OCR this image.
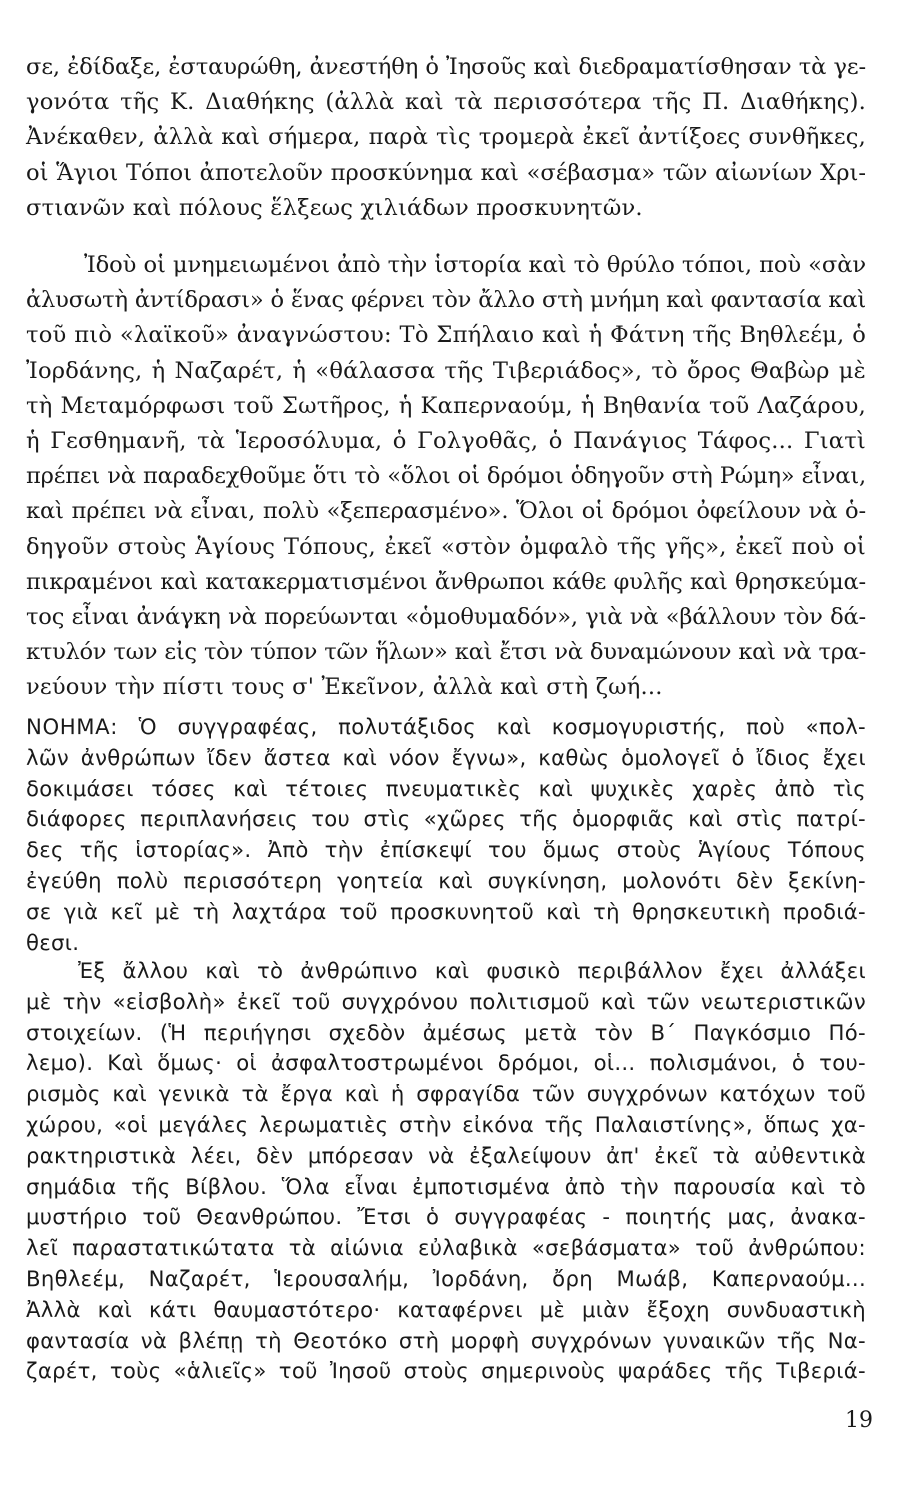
σε, ἐδίδαξε, ἐσταυρώθη, ἀνεστήθη ὁ Ἰησοῦς καὶ διεδραματίσθησαν τὰ γε-
γονότα τῆς Κ. Διαθήκης (ἀλλὰ καὶ τὰ περισσότερα τῆς Π. Διαθήκης).
Ἀνέκαθεν, ἀλλὰ καὶ σήμερα, παρὰ τὶς τρομερὰ ἐκεῖ ἀντίξοες συνθῆκες,
οἱ Ἅγιοι Τόποι ἀποτελοῦν προσκύνημα καὶ «σέβασμα» τῶν αἰωνίων Χρι-
στιανῶν καὶ πόλους ἕλξεως χιλιάδων προσκυνητῶν.
Ἰδοὺ οἱ μνημειωμένοι ἀπὸ τὴν ἱστορία καὶ τὸ θρύλο τόποι, ποὺ «σὰν
ἀλυσωτὴ ἀντίδρασι» ὁ ἕνας φέρνει τὸν ἄλλο στὴ μνήμη καὶ φαντασία καὶ
τοῦ πιὸ «λαϊκοῦ» ἀναγνώστου: Τὸ Σπήλαιο καὶ ἡ Φάτνη τῆς Βηθλεέμ, ὁ
Ἰορδάνης, ἡ Ναζαρέτ, ἡ «θάλασσα τῆς Τιβεριάδος», τὸ ὄρος Θαβὼρ μὲ
τὴ Μεταμόρφωσι τοῦ Σωτῆρος, ἡ Καπερναούμ, ἡ Βηθανία τοῦ Λαζάρου,
ἡ Γεσθημανῆ, τὰ Ἱεροσόλυμα, ὁ Γολγοθᾶς, ὁ Πανάγιος Τάφος... Γιατὶ
πρέπει νὰ παραδεχθοῦμε ὅτι τὸ «ὅλοι οἱ δρόμοι ὁδηγοῦν στὴ Ρώμη» εἶναι,
καὶ πρέπει νὰ εἶναι, πολὺ «ξεπερασμένο». Ὅλοι οἱ δρόμοι ὀφείλουν νὰ ὁ-
δηγοῦν στοὺς Ἁγίους Τόπους, ἐκεῖ «στὸν ὀμφαλὸ τῆς γῆς», ἐκεῖ ποὺ οἱ
πικραμένοι καὶ κατακερματισμένοι ἄνθρωποι κάθε φυλῆς καὶ θρησκεύμα-
τος εἶναι ἀνάγκη νὰ πορεύωνται «ὁμοθυμαδόν», γιὰ νὰ «βάλλουν τὸν δά-
κτυλόν των εἰς τὸν τύπον τῶν ἥλων» καὶ ἔτσι νὰ δυναμώνουν καὶ νὰ τρα-
νεύουν τὴν πίστι τους σ' Ἐκεῖνον, ἀλλὰ καὶ στὴ ζωή...
ΝΟΗΜΑ: Ὁ συγγραφέας, πολυτάξιδος καὶ κοσμογυριστής, ποὺ «πολ-
λῶν ἀνθρώπων ἴδεν ἄστεα καὶ νόον ἔγνω», καθὼς ὁμολογεῖ ὁ ἴδιος ἔχει
δοκιμάσει τόσες καὶ τέτοιες πνευματικὲς καὶ ψυχικὲς χαρὲς ἀπὸ τὶς
διάφορες περιπλανήσεις του στὶς «χῶρες τῆς ὁμορφιᾶς καὶ στὶς πατρί-
δες τῆς ἱστορίας». Ἀπὸ τὴν ἐπίσκεψί του ὅμως στοὺς Ἁγίους Τόπους
ἐγεύθη πολὺ περισσότερη γοητεία καὶ συγκίνηση, μολονότι δὲν ξεκίνη-
σε γιὰ κεῖ μὲ τὴ λαχτάρα τοῦ προσκυνητοῦ καὶ τὴ θρησκευτικὴ προδιά-
θεσι.
Ἐξ ἄλλου καὶ τὸ ἀνθρώπινο καὶ φυσικὸ περιβάλλον ἔχει ἀλλάξει
μὲ τὴν «εἰσβολὴ» ἐκεῖ τοῦ συγχρόνου πολιτισμοῦ καὶ τῶν νεωτεριστικῶν
στοιχείων. (Ἡ περιήγησι σχεδὸν ἀμέσως μετὰ τὸν Β΄ Παγκόσμιο Πό-
λεμο). Καὶ ὅμως· οἱ ἀσφαλτοστρωμένοι δρόμοι, οἱ... πολισμάνοι, ὁ του-
ρισμὸς καὶ γενικὰ τὰ ἔργα καὶ ἡ σφραγίδα τῶν συγχρόνων κατόχων τοῦ
χώρου, «οἱ μεγάλες λερωματιὲς στὴν εἰκόνα τῆς Παλαιστίνης», ὅπως χα-
ρακτηριστικὰ λέει, δὲν μπόρεσαν νὰ ἐξαλείψουν ἀπ' ἐκεῖ τὰ αὐθεντικὰ
σημάδια τῆς Βίβλου. Ὅλα εἶναι ἐμποτισμένα ἀπὸ τὴν παρουσία καὶ τὸ
μυστήριο τοῦ Θεανθρώπου. Ἔτσι ὁ συγγραφέας - ποιητής μας, ἀνακα-
λεῖ παραστατικώτατα τὰ αἰώνια εὐλαβικὰ «σεβάσματα» τοῦ ἀνθρώπου:
Βηθλεέμ, Ναζαρέτ, Ἱερουσαλήμ, Ἰορδάνη, ὄρη Μωάβ, Καπερναούμ...
Ἀλλὰ καὶ κάτι θαυμαστότερο· καταφέρνει μὲ μιὰν ἔξοχη συνδυαστικὴ
φαντασία νὰ βλέπῃ τὴ Θεοτόκο στὴ μορφὴ συγχρόνων γυναικῶν τῆς Να-
ζαρέτ, τοὺς «ἁλιεῖς» τοῦ Ἰησοῦ στοὺς σημερινοὺς ψαράδες τῆς Τιβεριά-
19
